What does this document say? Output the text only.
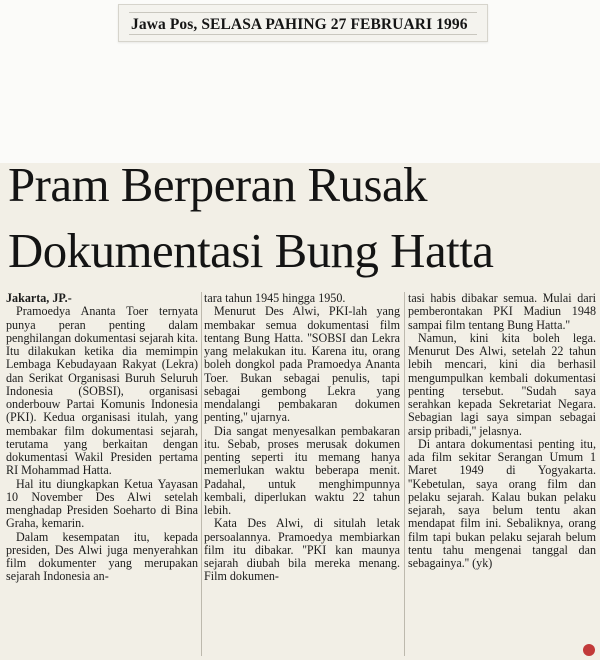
Jawa Pos, SELASA PAHING 27 FEBRUARI 1996
Pram Berperan Rusak
Dokumentasi Bung Hatta

Jakarta, JP.-

Pramoedya Ananta Toer ternyata punya peran penting dalam penghilangan dokumentasi sejarah kita. Itu dilakukan ketika dia memimpin Lembaga Kebudayaan Rakyat (Lekra) dan Serikat Organisasi Buruh Seluruh Indonesia (SOBSI), organisasi onderbouw Partai Komunis Indonesia (PKI). Kedua organisasi itulah, yang membakar film dokumentasi sejarah, terutama yang berkaitan dengan dokumentasi Wakil Presiden pertama RI Mohammad Hatta.

Hal itu diungkapkan Ketua Yayasan 10 November Des Alwi setelah menghadap Presiden Soeharto di Bina Graha, kemarin.

Dalam kesempatan itu, kepada presiden, Des Alwi juga menyerahkan film dokumenter yang merupakan sejarah Indonesia an-

tara tahun 1945 hingga 1950.

Menurut Des Alwi, PKI-lah yang membakar semua dokumentasi film tentang Bung Hatta. ''SOBSI dan Lekra yang melakukan itu. Karena itu, orang boleh dongkol pada Pramoedya Ananta Toer. Bukan sebagai penulis, tapi sebagai gembong Lekra yang mendalangi pembakaran dokumen penting,'' ujarnya.

Dia sangat menyesalkan pembakaran itu. Sebab, proses merusak dokumen penting seperti itu memang hanya memerlukan waktu beberapa menit. Padahal, untuk menghimpunnya kembali, diperlukan waktu 22 tahun lebih.

Kata Des Alwi, di situlah letak persoalannya. Pramoedya membiarkan film itu dibakar. ''PKI kan maunya sejarah diubah bila mereka menang. Film dokumen-

tasi habis dibakar semua. Mulai dari pemberontakan PKI Madiun 1948 sampai film tentang Bung Hatta.''

Namun, kini kita boleh lega. Menurut Des Alwi, setelah 22 tahun lebih mencari, kini dia berhasil mengumpulkan kembali dokumentasi penting tersebut. ''Sudah saya serahkan kepada Sekretariat Negara. Sebagian lagi saya simpan sebagai arsip pribadi,'' jelasnya.

Di antara dokumentasi penting itu, ada film sekitar Serangan Umum 1 Maret 1949 di Yogyakarta. ''Kebetulan, saya orang film dan pelaku sejarah. Kalau bukan pelaku sejarah, saya belum tentu akan mendapat film ini. Sebaliknya, orang film tapi bukan pelaku sejarah belum tentu tahu mengenai tanggal dan sebagainya.'' (yk)
